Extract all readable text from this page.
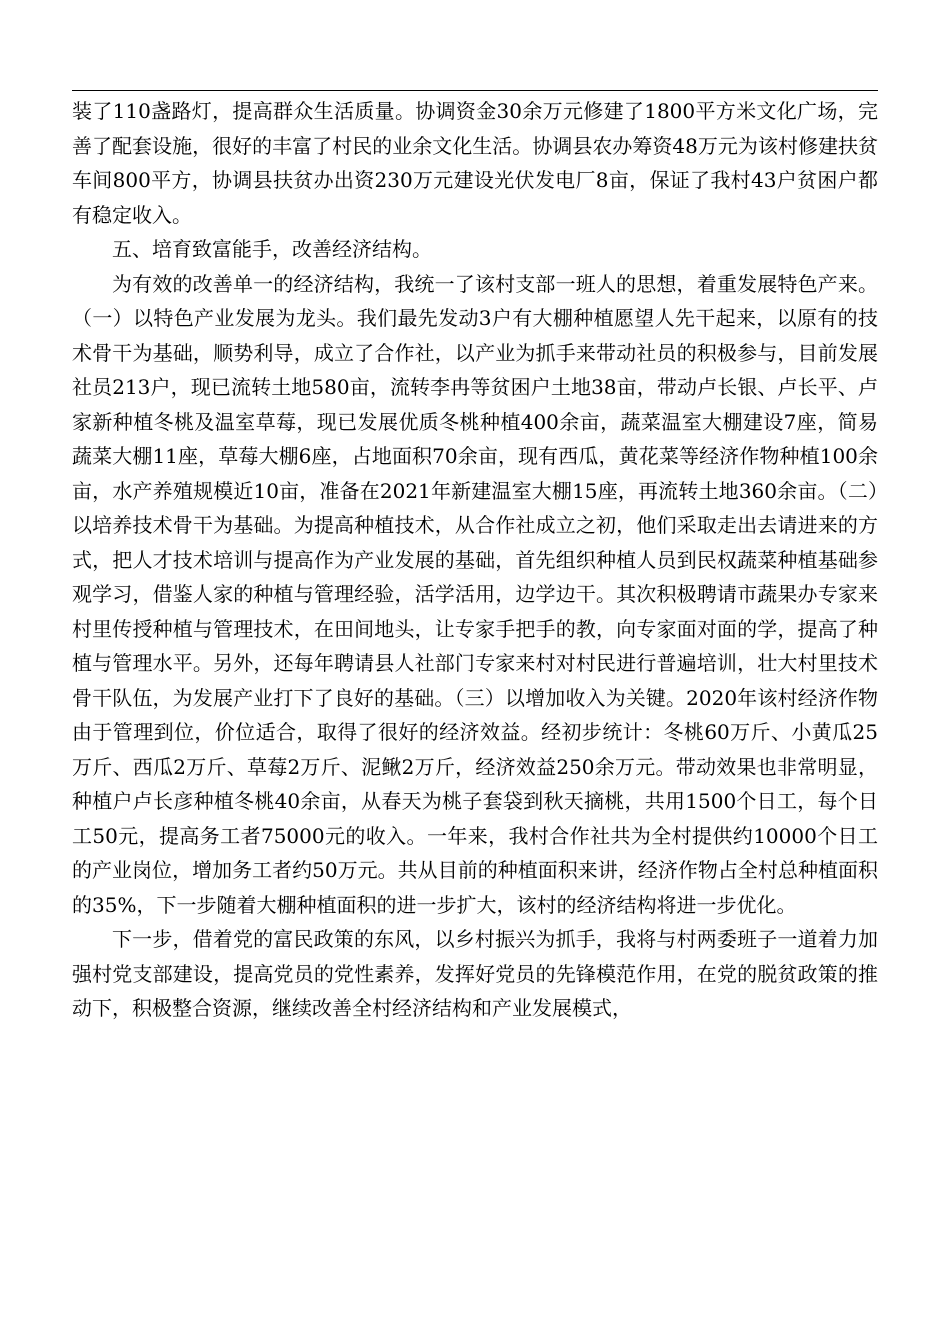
装了110盏路灯，提高群众生活质量。协调资金30余万元修建了1800平方米文化广场，完善了配套设施，很好的丰富了村民的业余文化生活。协调县农办筹资48万元为该村修建扶贫车间800平方，协调县扶贫办出资230万元建设光伏发电厂8亩，保证了我村43户贫困户都有稳定收入。

五、培育致富能手，改善经济结构。

为有效的改善单一的经济结构，我统一了该村支部一班人的思想，着重发展特色产来。（一）以特色产业发展为龙头。我们最先发动3户有大棚种植愿望人先干起来，以原有的技术骨干为基础，顺势利导，成立了合作社，以产业为抓手来带动社员的积极参与，目前发展社员213户，现已流转土地580亩，流转李冉等贫困户土地38亩，带动卢长银、卢长平、卢家新种植冬桃及温室草莓，现已发展优质冬桃种植400余亩，蔬菜温室大棚建设7座，简易蔬菜大棚11座，草莓大棚6座，占地面积70余亩，现有西瓜，黄花菜等经济作物种植100余亩，水产养殖规模近10亩，准备在2021年新建温室大棚15座，再流转土地360余亩。（二）以培养技术骨干为基础。为提高种植技术，从合作社成立之初，他们采取走出去请进来的方式，把人才技术培训与提高作为产业发展的基础，首先组织种植人员到民权蔬菜种植基础参观学习，借鉴人家的种植与管理经验，活学活用，边学边干。其次积极聘请市蔬果办专家来村里传授种植与管理技术，在田间地头，让专家手把手的教，向专家面对面的学，提高了种植与管理水平。另外，还每年聘请县人社部门专家来村对村民进行普遍培训，壮大村里技术骨干队伍，为发展产业打下了良好的基础。（三）以增加收入为关键。2020年该村经济作物由于管理到位，价位适合，取得了很好的经济效益。经初步统计：冬桃60万斤、小黄瓜25万斤、西瓜2万斤、草莓2万斤、泥鳅2万斤，经济效益250余万元。带动效果也非常明显，种植户卢长彦种植冬桃40余亩，从春天为桃子套袋到秋天摘桃，共用1500个日工，每个日工50元，提高务工者75000元的收入。一年来，我村合作社共为全村提供约10000个日工的产业岗位，增加务工者约50万元。共从目前的种植面积来讲，经济作物占全村总种植面积的35%，下一步随着大棚种植面积的进一步扩大，该村的经济结构将进一步优化。

下一步，借着党的富民政策的东风，以乡村振兴为抓手，我将与村两委班子一道着力加强村党支部建设，提高党员的党性素养，发挥好党员的先锋模范作用，在党的脱贫政策的推动下，积极整合资源，继续改善全村经济结构和产业发展模式，
